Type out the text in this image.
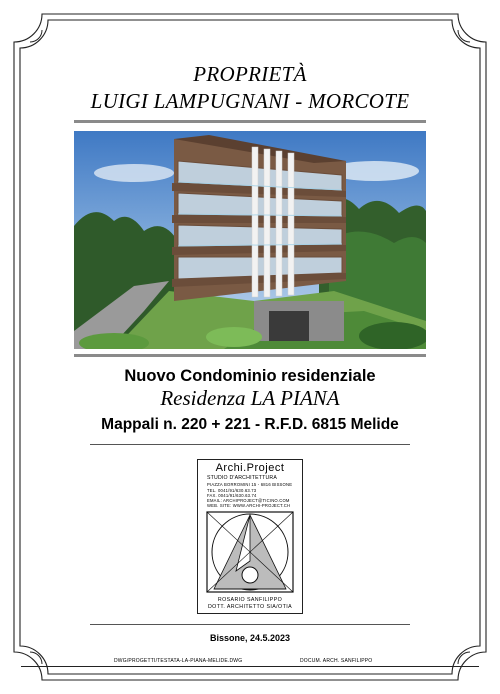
PROPRIETÀ
LUIGI LAMPUGNANI - MORCOTE
Nuovo Condominio residenziale
Residenza LA PIANA
Mappali n. 220 + 221 - R.F.D. 6815 Melide
Archi.Project
STUDIO D'ARCHITETTURA
PIAZZA BORROMINI 15 - 6816 BISSONE
TEL. 0041/91/630.63.73
FAX. 0041/91/630.63.74
EMAIL: ARCHIPROJECT@TICINO.COM
WEB. SITE: WWW.ARCHI-PROJECT.CH
ROSARIO SANFILIPPO
DOTT. ARCHITETTO SIA/OTIA
Bissone, 24.5.2023
DWG/PROGETTI/TESTATA-LA-PIANA-MELIDE.DWG	DOCUM. ARCH. SANFILIPPO
